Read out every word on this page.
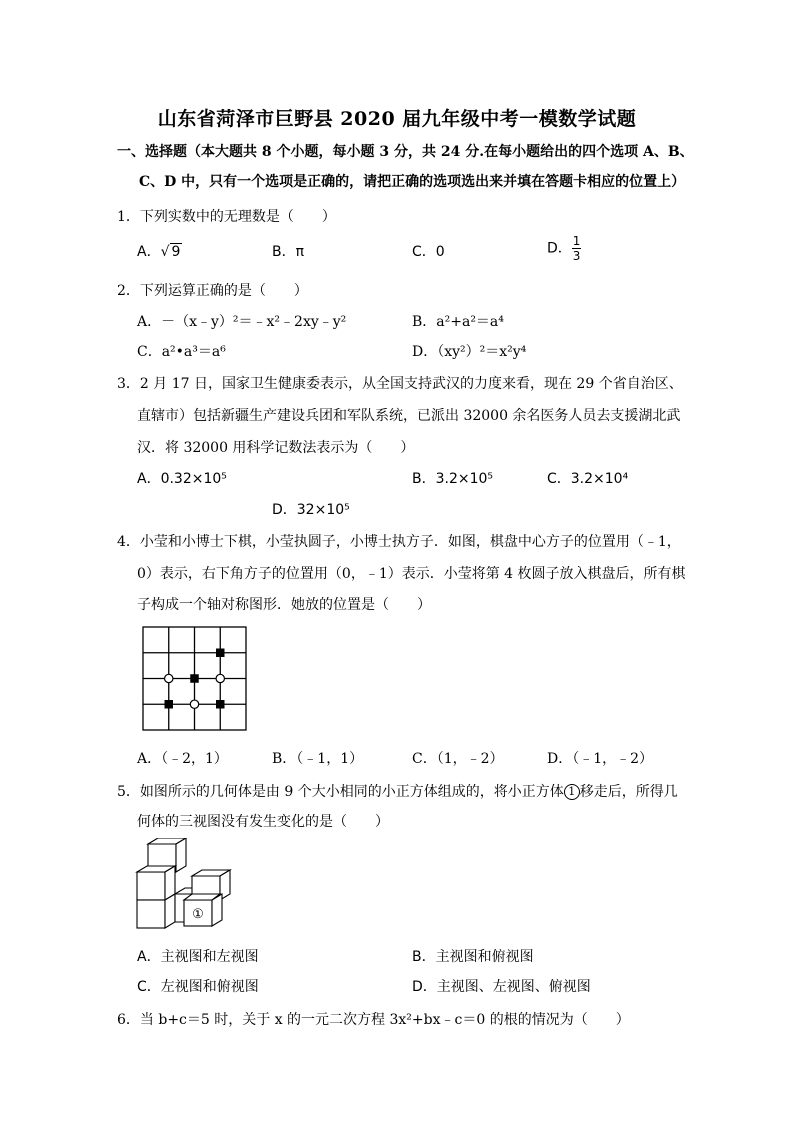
山东省菏泽市巨野县 2020 届九年级中考一模数学试题
一、选择题（本大题共 8 个小题，每小题 3 分，共 24 分.在每小题给出的四个选项 A、B、
C、D 中，只有一个选项是正确的，请把正确的选项选出来并填在答题卡相应的位置上）
1．下列实数中的无理数是（　　）
A．√ 9	B．π	C．0	D． $\frac{1}{3}$
2．下列运算正确的是（　　）
A．－（x﹣y）²＝﹣x²﹣2xy﹣y²	B．a²+a²＝a⁴
C．a²•a³＝a⁶	D．（xy²）²＝x²y⁴
3．2 月 17 日，国家卫生健康委表示，从全国支持武汉的力度来看，现在 29 个省自治区、
直辖市）包括新疆生产建设兵团和军队系统，已派出 32000 余名医务人员去支援湖北武
汉．将 32000 用科学记数法表示为（　　）
A．0.32×10⁵	B．3.2×10⁵	C．3.2×10⁴
D．32×10⁵
4．小莹和小博士下棋，小莹执圆子，小博士执方子．如图，棋盘中心方子的位置用（﹣1，
0）表示，右下角方子的位置用（0，﹣1）表示．小莹将第 4 枚圆子放入棋盘后，所有棋
子构成一个轴对称图形．她放的位置是（　　）
A．（﹣2，1）	B．（﹣1，1）	C．（1，﹣2）	D．（﹣1，﹣2）
5．如图所示的几何体是由 9 个大小相同的小正方体组成的，将小正方体 1 移走后，所得几
何体的三视图没有发生变化的是（　　）
①
A．主视图和左视图	B．主视图和俯视图
C．左视图和俯视图	D．主视图、左视图、俯视图
6．当 b+c＝5 时，关于 x 的一元二次方程 3x²+bx﹣c＝0 的根的情况为（　　）
